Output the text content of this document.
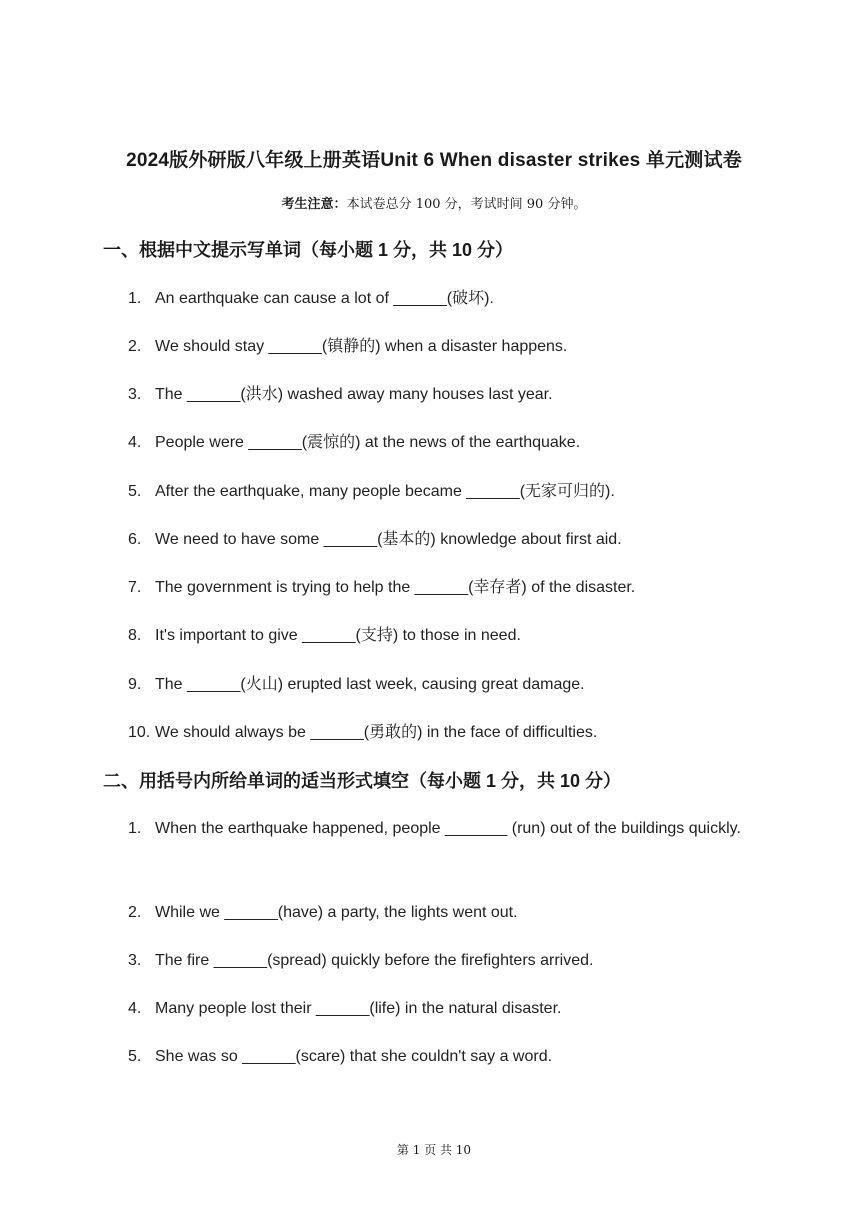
2024版外研版八年级上册英语Unit 6 When disaster strikes 单元测试卷
考生注意：本试卷总分 100 分，考试时间 90 分钟。
一、根据中文提示写单词（每小题 1 分，共 10 分）
1. An earthquake can cause a lot of ______(破坏).
2. We should stay ______(镇静的) when a disaster happens.
3. The ______(洪水) washed away many houses last year.
4. People were ______(震惊的) at the news of the earthquake.
5. After the earthquake, many people became ______(无家可归的).
6. We need to have some ______(基本的) knowledge about first aid.
7. The government is trying to help the ______(幸存者) of the disaster.
8. It's important to give ______(支持) to those in need.
9. The ______(火山) erupted last week, causing great damage.
10. We should always be ______(勇敢的) in the face of difficulties.
二、用括号内所给单词的适当形式填空（每小题 1 分，共 10 分）
1. When the earthquake happened, people _______ (run) out of the buildings quickly.
2. While we ______(have) a party, the lights went out.
3. The fire ______(spread) quickly before the firefighters arrived.
4. Many people lost their ______(life) in the natural disaster.
5. She was so ______(scare) that she couldn't say a word.
第 1 页 共 10
